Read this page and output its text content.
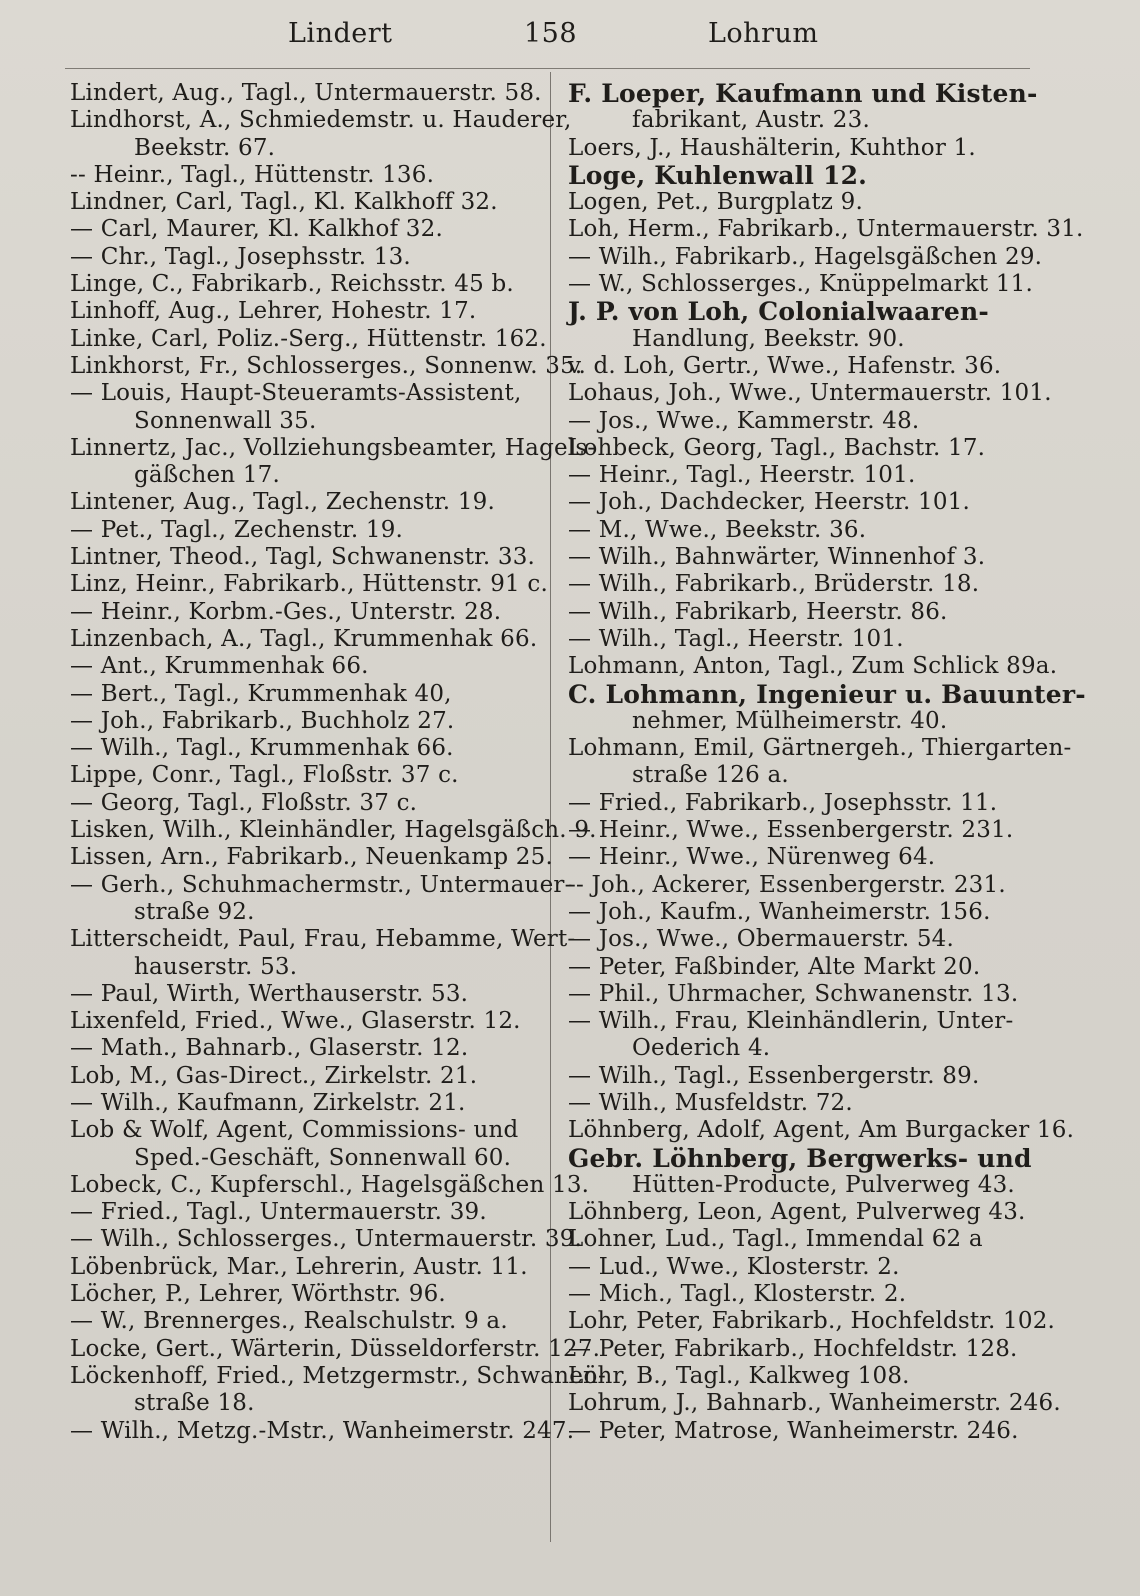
Lindert	158	Lohrum
Lindert, Aug., Tagl., Untermauerstr. 58.
Lindhorst, A., Schmiedemstr. u. Hauderer,
Beekstr. 67.
-- Heinr., Tagl., Hüttenstr. 136.
Lindner, Carl, Tagl., Kl. Kalkhoff 32.
— Carl, Maurer, Kl. Kalkhof 32.
— Chr., Tagl., Josephsstr. 13.
Linge, C., Fabrikarb., Reichsstr. 45 b.
Linhoff, Aug., Lehrer, Hohestr. 17.
Linke, Carl, Poliz.-Serg., Hüttenstr. 162.
Linkhorst, Fr., Schlosserges., Sonnenw. 35.
— Louis, Haupt-Steueramts-Assistent,
Sonnenwall 35.
Linnertz, Jac., Vollziehungsbeamter, Hagels-
gäßchen 17.
Lintener, Aug., Tagl., Zechenstr. 19.
— Pet., Tagl., Zechenstr. 19.
Lintner, Theod., Tagl, Schwanenstr. 33.
Linz, Heinr., Fabrikarb., Hüttenstr. 91 c.
— Heinr., Korbm.-Ges., Unterstr. 28.
Linzenbach, A., Tagl., Krummenhak 66.
— Ant., Krummenhak 66.
— Bert., Tagl., Krummenhak 40,
— Joh., Fabrikarb., Buchholz 27.
— Wilh., Tagl., Krummenhak 66.
Lippe, Conr., Tagl., Floßstr. 37 c.
— Georg, Tagl., Floßstr. 37 c.
Lisken, Wilh., Kleinhändler, Hagelsgäßch. 9.
Lissen, Arn., Fabrikarb., Neuenkamp 25.
— Gerh., Schuhmachermstr., Untermauer-
straße 92.
Litterscheidt, Paul, Frau, Hebamme, Wert-
hauserstr. 53.
— Paul, Wirth, Werthauserstr. 53.
Lixenfeld, Fried., Wwe., Glaserstr. 12.
— Math., Bahnarb., Glaserstr. 12.
Lob, M., Gas-Direct., Zirkelstr. 21.
— Wilh., Kaufmann, Zirkelstr. 21.
Lob & Wolf, Agent, Commissions- und
Sped.-Geschäft, Sonnenwall 60.
Lobeck, C., Kupferschl., Hagelsgäßchen 13.
— Fried., Tagl., Untermauerstr. 39.
— Wilh., Schlosserges., Untermauerstr. 39.
Löbenbrück, Mar., Lehrerin, Austr. 11.
Löcher, P., Lehrer, Wörthstr. 96.
— W., Brennerges., Realschulstr. 9 a.
Locke, Gert., Wärterin, Düsseldorferstr. 127.
Löckenhoff, Fried., Metzgermstr., Schwanen-
straße 18.
— Wilh., Metzg.-Mstr., Wanheimerstr. 247.
F. Loeper, Kaufmann und Kisten-
fabrikant, Austr. 23.
Loers, J., Haushälterin, Kuhthor 1.
Loge, Kuhlenwall 12.
Logen, Pet., Burgplatz 9.
Loh, Herm., Fabrikarb., Untermauerstr. 31.
— Wilh., Fabrikarb., Hagelsgäßchen 29.
— W., Schlosserges., Knüppelmarkt 11.
J. P. von Loh, Colonialwaaren-
Handlung, Beekstr. 90.
v. d. Loh, Gertr., Wwe., Hafenstr. 36.
Lohaus, Joh., Wwe., Untermauerstr. 101.
— Jos., Wwe., Kammerstr. 48.
Lohbeck, Georg, Tagl., Bachstr. 17.
— Heinr., Tagl., Heerstr. 101.
— Joh., Dachdecker, Heerstr. 101.
— M., Wwe., Beekstr. 36.
— Wilh., Bahnwärter, Winnenhof 3.
— Wilh., Fabrikarb., Brüderstr. 18.
— Wilh., Fabrikarb, Heerstr. 86.
— Wilh., Tagl., Heerstr. 101.
Lohmann, Anton, Tagl., Zum Schlick 89a.
C. Lohmann, Ingenieur u. Bauunter-
nehmer, Mülheimerstr. 40.
Lohmann, Emil, Gärtnergeh., Thiergarten-
straße 126 a.
— Fried., Fabrikarb., Josephsstr. 11.
— Heinr., Wwe., Essenbergerstr. 231.
— Heinr., Wwe., Nürenweg 64.
-- Joh., Ackerer, Essenbergerstr. 231.
— Joh., Kaufm., Wanheimerstr. 156.
— Jos., Wwe., Obermauerstr. 54.
— Peter, Faßbinder, Alte Markt 20.
— Phil., Uhrmacher, Schwanenstr. 13.
— Wilh., Frau, Kleinhändlerin, Unter-
Oederich 4.
— Wilh., Tagl., Essenbergerstr. 89.
— Wilh., Musfeldstr. 72.
Löhnberg, Adolf, Agent, Am Burgacker 16.
Gebr. Löhnberg, Bergwerks- und
Hütten-Producte, Pulverweg 43.
Löhnberg, Leon, Agent, Pulverweg 43.
Lohner, Lud., Tagl., Immendal 62 a
— Lud., Wwe., Klosterstr. 2.
— Mich., Tagl., Klosterstr. 2.
Lohr, Peter, Fabrikarb., Hochfeldstr. 102.
— Peter, Fabrikarb., Hochfeldstr. 128.
Löhr, B., Tagl., Kalkweg 108.
Lohrum, J., Bahnarb., Wanheimerstr. 246.
— Peter, Matrose, Wanheimerstr. 246.
